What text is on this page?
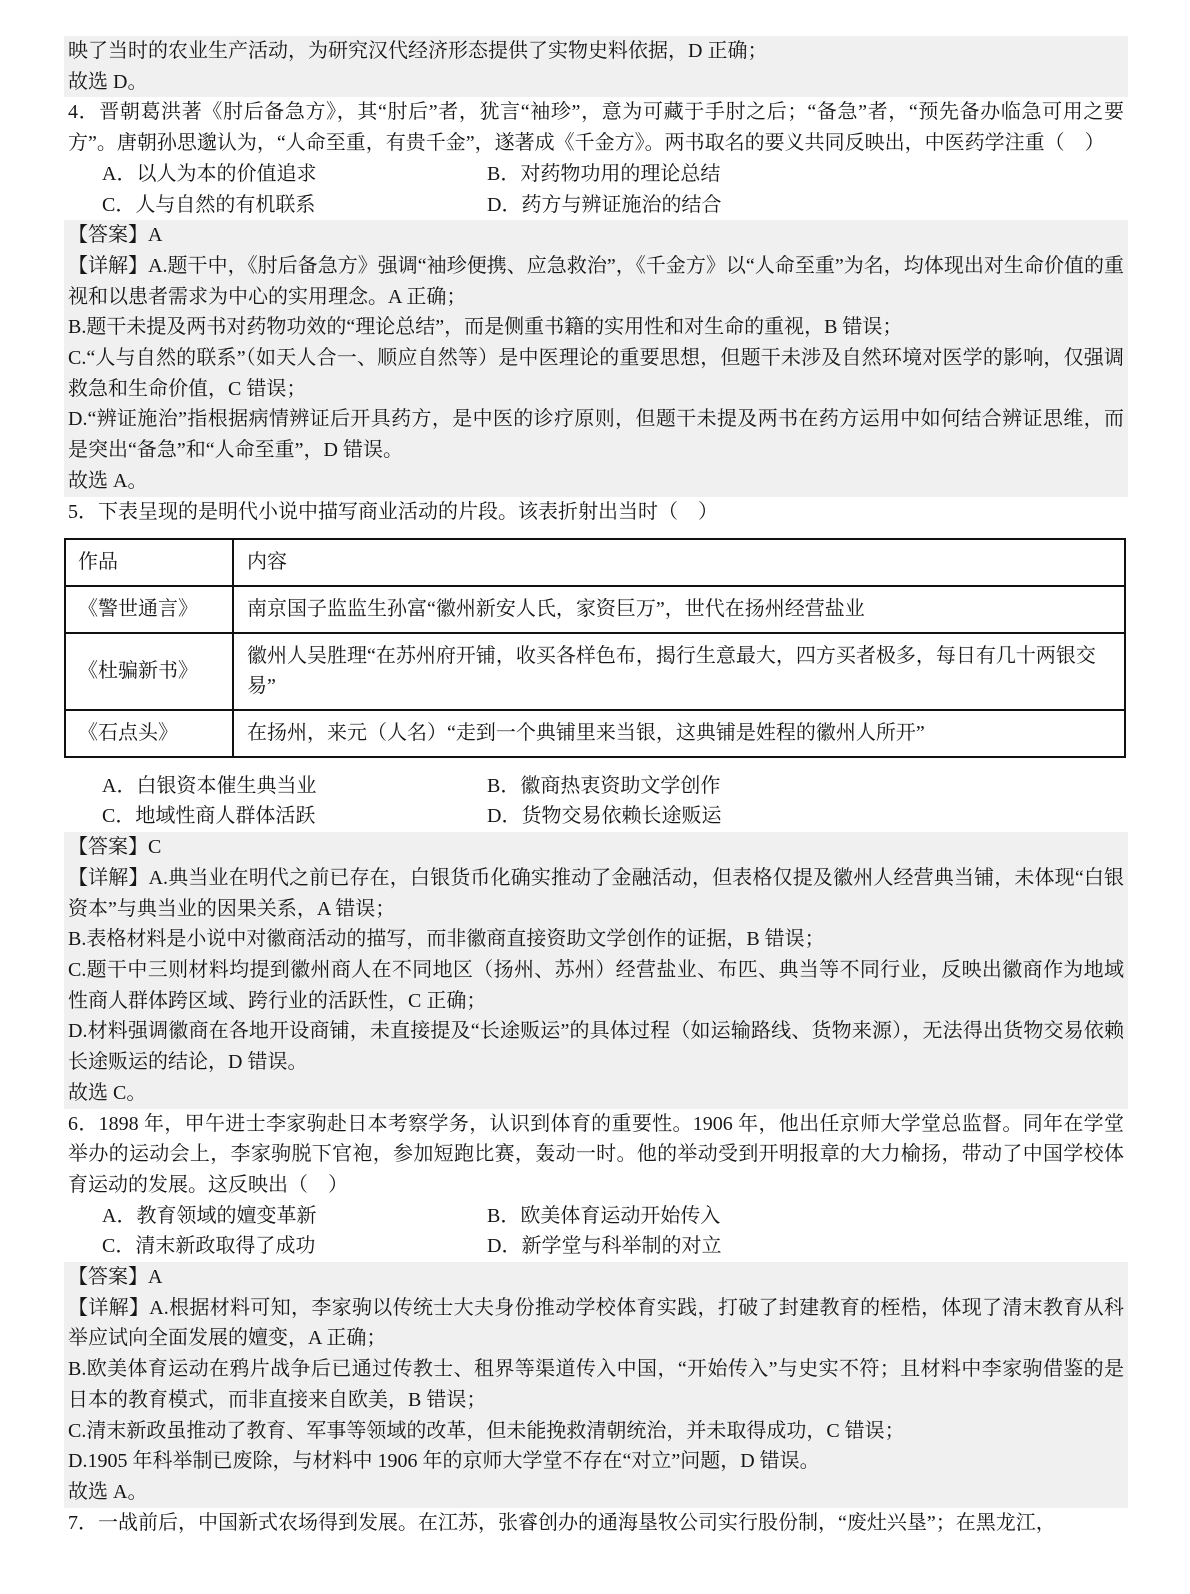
映了当时的农业生产活动，为研究汉代经济形态提供了实物史料依据，D 正确；

故选 D。

4．晋朝葛洪著《肘后备急方》，其“肘后”者，犹言“袖珍”，意为可藏于手肘之后；“备急”者，“预先备办临急可用之要方”。唐朝孙思邈认为，“人命至重，有贵千金”，遂著成《千金方》。两书取名的要义共同反映出，中医药学注重（　）

A．以人为本的价值追求	B．对药物功用的理论总结
C．人与自然的有机联系	D．药方与辨证施治的结合

【答案】A

【详解】A.题干中，《肘后备急方》强调“袖珍便携、应急救治”，《千金方》以“人命至重”为名，均体现出对生命价值的重视和以患者需求为中心的实用理念。A 正确；

B.题干未提及两书对药物功效的“理论总结”，而是侧重书籍的实用性和对生命的重视，B 错误；

C.“人与自然的联系”（如天人合一、顺应自然等）是中医理论的重要思想，但题干未涉及自然环境对医学的影响，仅强调救急和生命价值，C 错误；

D.“辨证施治”指根据病情辨证后开具药方，是中医的诊疗原则，但题干未提及两书在药方运用中如何结合辨证思维，而是突出“备急”和“人命至重”，D 错误。

故选 A。

5．下表呈现的是明代小说中描写商业活动的片段。该表折射出当时（　）

作品	内容
《警世通言》	南京国子监监生孙富“徽州新安人氏，家资巨万”，世代在扬州经营盐业
《杜骗新书》	徽州人吴胜理“在苏州府开铺，收买各样色布，揭行生意最大，四方买者极多，每日有几十两银交易”
《石点头》	在扬州，来元（人名）“走到一个典铺里来当银，这典铺是姓程的徽州人所开”
A．白银资本催生典当业	B．徽商热衷资助文学创作
C．地域性商人群体活跃	D．货物交易依赖长途贩运

【答案】C

【详解】A.典当业在明代之前已存在，白银货币化确实推动了金融活动，但表格仅提及徽州人经营典当铺，未体现“白银资本”与典当业的因果关系，A 错误；

B.表格材料是小说中对徽商活动的描写，而非徽商直接资助文学创作的证据，B 错误；

C.题干中三则材料均提到徽州商人在不同地区（扬州、苏州）经营盐业、布匹、典当等不同行业，反映出徽商作为地域性商人群体跨区域、跨行业的活跃性，C 正确；

D.材料强调徽商在各地开设商铺，未直接提及“长途贩运”的具体过程（如运输路线、货物来源），无法得出货物交易依赖长途贩运的结论，D 错误。

故选 C。

6．1898 年，甲午进士李家驹赴日本考察学务，认识到体育的重要性。1906 年，他出任京师大学堂总监督。同年在学堂举办的运动会上，李家驹脱下官袍，参加短跑比赛，轰动一时。他的举动受到开明报章的大力榆扬，带动了中国学校体育运动的发展。这反映出（　）

A．教育领域的嬗变革新	B．欧美体育运动开始传入
C．清末新政取得了成功	D．新学堂与科举制的对立

【答案】A

【详解】A.根据材料可知，李家驹以传统士大夫身份推动学校体育实践，打破了封建教育的桎梏，体现了清末教育从科举应试向全面发展的嬗变，A 正确；

B.欧美体育运动在鸦片战争后已通过传教士、租界等渠道传入中国，“开始传入”与史实不符；且材料中李家驹借鉴的是日本的教育模式，而非直接来自欧美，B 错误；

C.清末新政虽推动了教育、军事等领域的改革，但未能挽救清朝统治，并未取得成功，C 错误；

D.1905 年科举制已废除，与材料中 1906 年的京师大学堂不存在“对立”问题，D 错误。

故选 A。

7．一战前后，中国新式农场得到发展。在江苏，张睿创办的通海垦牧公司实行股份制，“废灶兴垦”；在黑龙江，
